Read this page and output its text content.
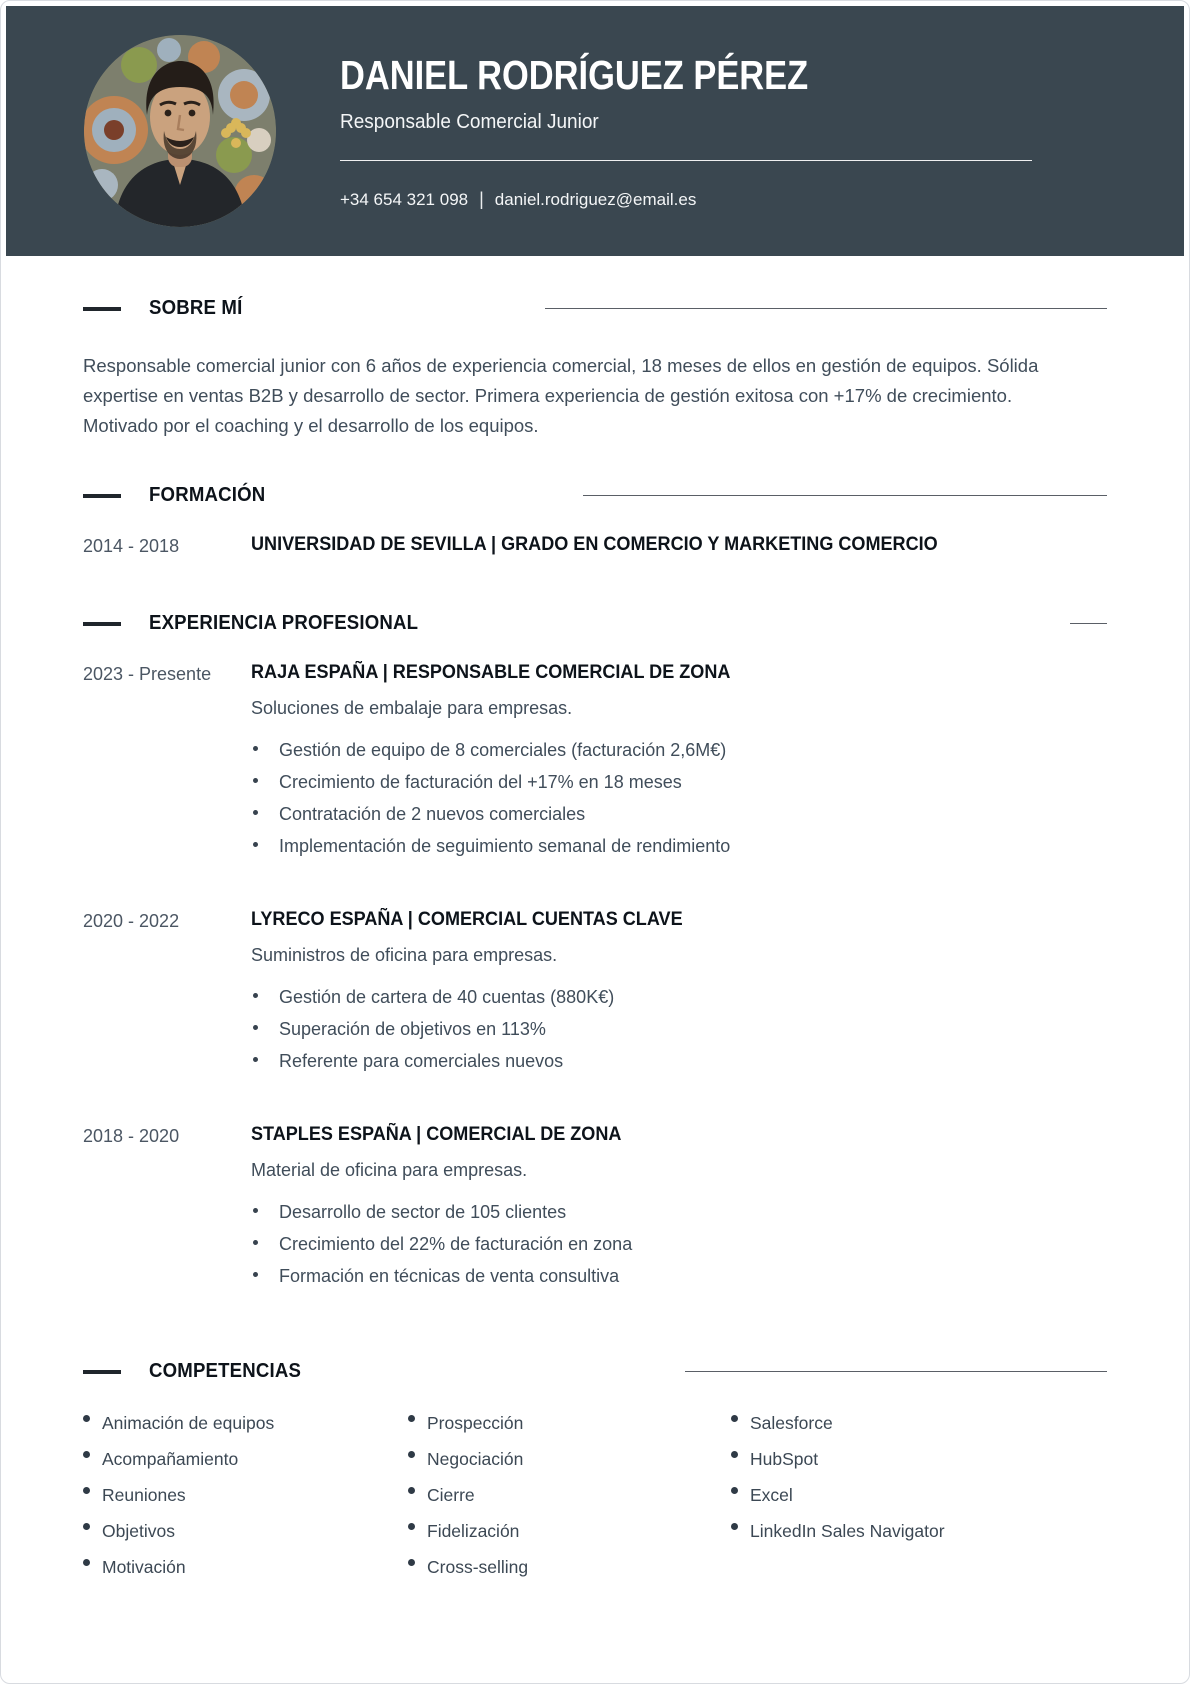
DANIEL RODRÍGUEZ PÉREZ
Responsable Comercial Junior
+34 654 321 098 | daniel.rodriguez@email.es
SOBRE MÍ

Responsable comercial junior con 6 años de experiencia comercial, 18 meses de ellos en gestión de equipos. Sólida expertise en ventas B2B y desarrollo de sector. Primera experiencia de gestión exitosa con +17% de crecimiento. Motivado por el coaching y el desarrollo de los equipos.

FORMACIÓN
2014 - 2018	UNIVERSIDAD DE SEVILLA | GRADO EN COMERCIO Y MARKETING COMERCIO
EXPERIENCIA PROFESIONAL
2023 - Presente	RAJA ESPAÑA | RESPONSABLE COMERCIAL DE ZONA
Soluciones de embalaje para empresas.
Gestión de equipo de 8 comerciales (facturación 2,6M€)
Crecimiento de facturación del +17% en 18 meses
Contratación de 2 nuevos comerciales
Implementación de seguimiento semanal de rendimiento
2020 - 2022	LYRECO ESPAÑA | COMERCIAL CUENTAS CLAVE
Suministros de oficina para empresas.
Gestión de cartera de 40 cuentas (880K€)
Superación de objetivos en 113%
Referente para comerciales nuevos
2018 - 2020	STAPLES ESPAÑA | COMERCIAL DE ZONA
Material de oficina para empresas.
Desarrollo de sector de 105 clientes
Crecimiento del 22% de facturación en zona
Formación en técnicas de venta consultiva
COMPETENCIAS
Animación de equipos
Acompañamiento
Reuniones
Objetivos
Motivación
Prospección
Negociación
Cierre
Fidelización
Cross-selling
Salesforce
HubSpot
Excel
LinkedIn Sales Navigator
